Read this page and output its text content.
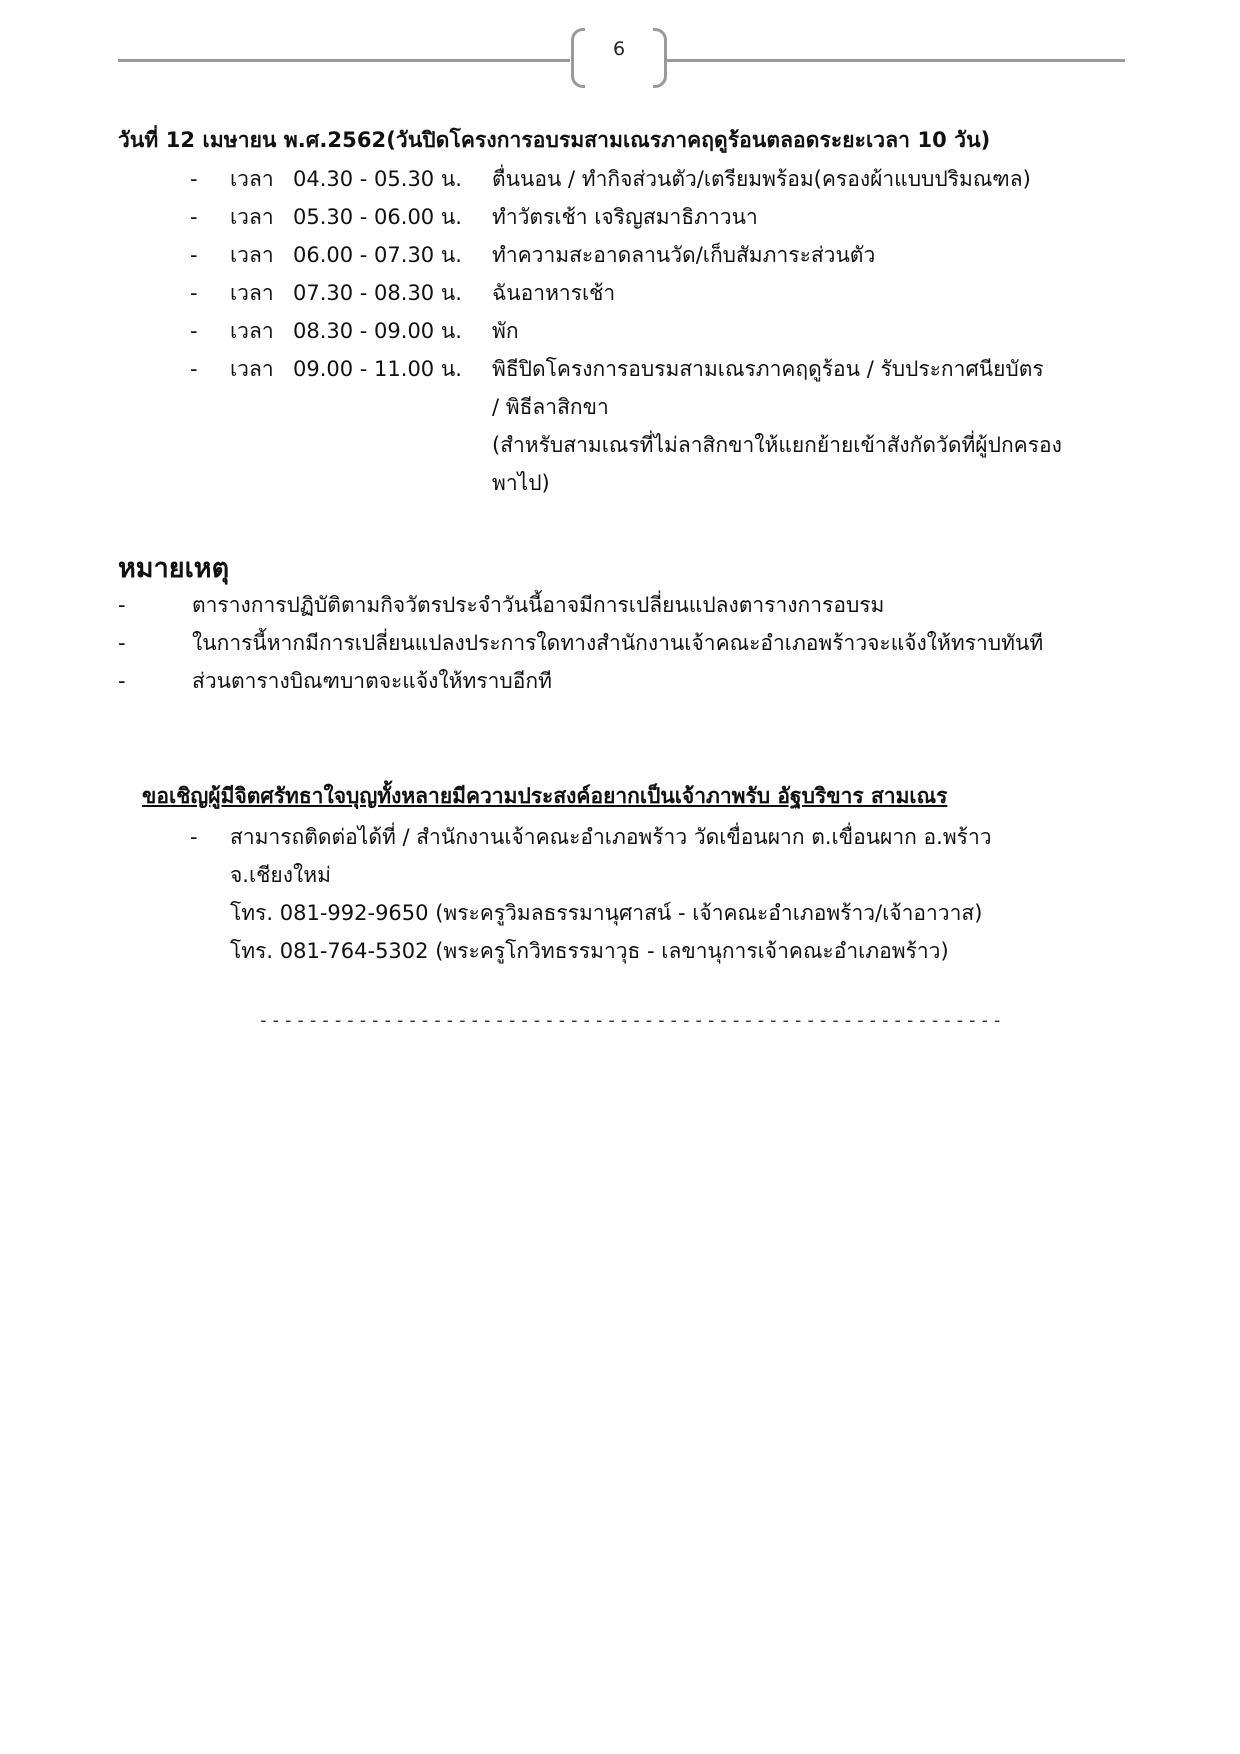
6
วันที่ 12 เมษายน พ.ศ.2562(วันปิดโครงการอบรมสามเณรภาคฤดูร้อนตลอดระยะเวลา 10 วัน)
-	เวลา 04.30 - 05.30 น.	ตื่นนอน / ทำกิจส่วนตัว/เตรียมพร้อม(ครองผ้าแบบปริมณฑล)

-	เวลา 05.30 - 06.00 น.	ทำวัตรเช้า เจริญสมาธิภาวนา

-	เวลา 06.00 - 07.30 น.	ทำความสะอาดลานวัด/เก็บสัมภาระส่วนตัว

-	เวลา 07.30 - 08.30 น.	ฉันอาหารเช้า

-	เวลา 08.30 - 09.00 น.	พัก

-	เวลา 09.00 - 11.00 น.	พิธีปิดโครงการอบรมสามเณรภาคฤดูร้อน / รับประกาศนียบัตร

/ พิธีลาสิกขา

(สำหรับสามเณรที่ไม่ลาสิกขาให้แยกย้ายเข้าสังกัดวัดที่ผู้ปกครอง

พาไป)

หมายเหตุ
-	ตารางการปฏิบัติตามกิจวัตรประจำวันนี้อาจมีการเปลี่ยนแปลงตารางการอบรม
-	ในการนี้หากมีการเปลี่ยนแปลงประการใดทางสำนักงานเจ้าคณะอำเภอพร้าวจะแจ้งให้ทราบทันที
-	ส่วนตารางบิณฑบาตจะแจ้งให้ทราบอีกที
ขอเชิญผู้มีจิตศรัทธาใจบุญทั้งหลายมีความประสงค์อยากเป็นเจ้าภาพรับ อัฐบริขาร สามเณร
- สามารถติดต่อได้ที่ / สำนักงานเจ้าคณะอำเภอพร้าว วัดเขื่อนผาก ต.เขื่อนผาก อ.พร้าว

จ.เชียงใหม่

โทร. 081-992-9650 (พระครูวิมลธรรมานุศาสน์ - เจ้าคณะอำเภอพร้าว/เจ้าอาวาส)

โทร. 081-764-5302 (พระครูโกวิทธรรมาวุธ - เลขานุการเจ้าคณะอำเภอพร้าว)

------------------------------------------------------------
